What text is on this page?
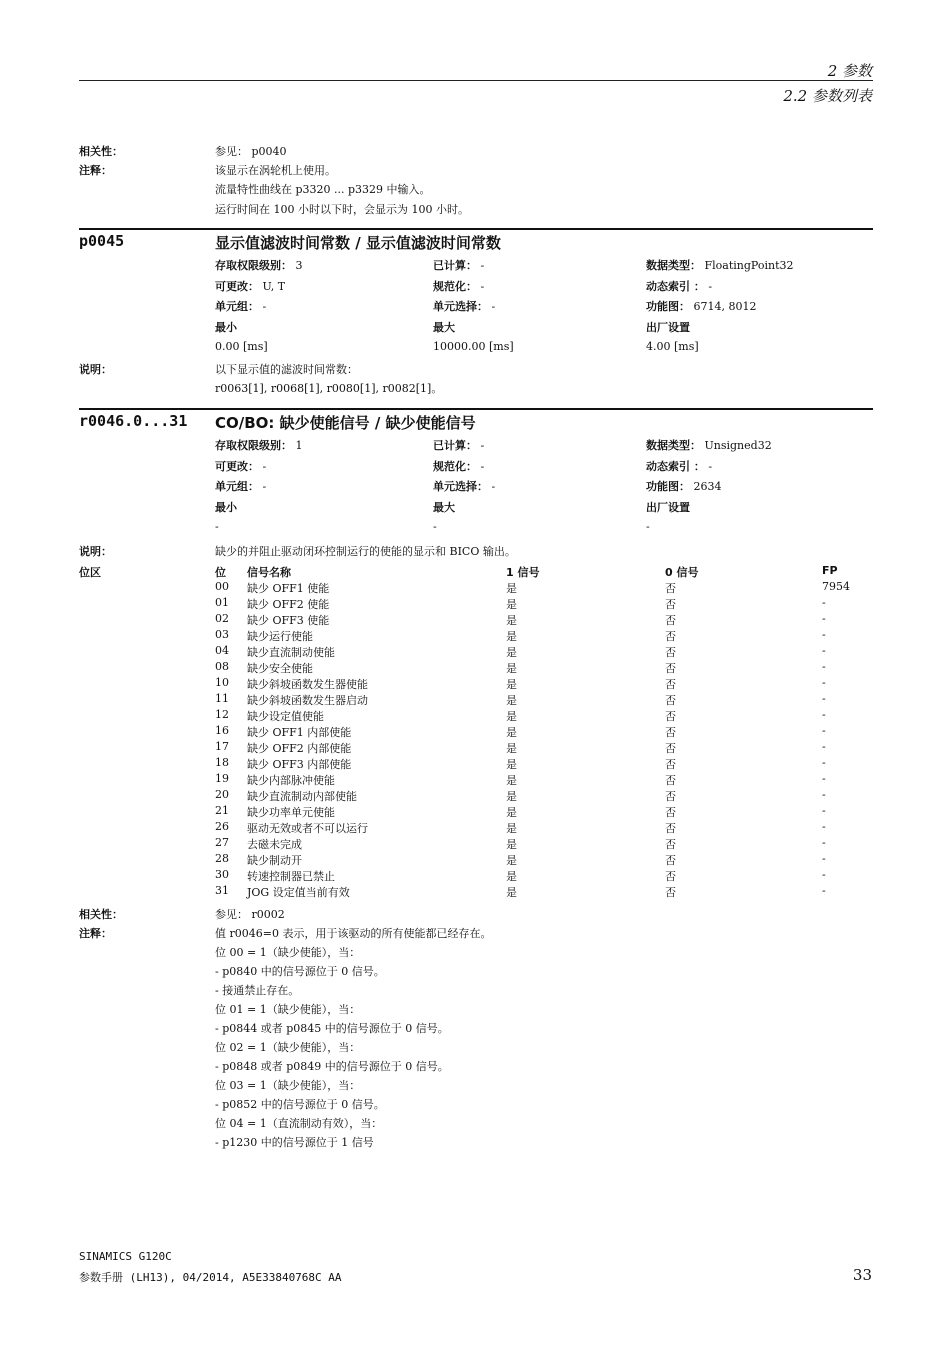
2 参数
2.2 参数列表
相关性：	参见： p0040
注释：	该显示在涡轮机上使用。
流量特性曲线在 p3320 ... p3329 中输入。
运行时间在 100 小时以下时，会显示为 100 小时。
p0045	显示值滤波时间常数 / 显示值滤波时间常数
存取权限级别： 3	已计算： -	数据类型： FloatingPoint32
可更改： U, T	规范化： -	动态索引 ： -
单元组： -	单元选择： -	功能图： 6714, 8012
最小	最大	出厂设置
0.00 [ms]	10000.00 [ms]	4.00 [ms]
说明：	以下显示值的滤波时间常数：
r0063[1], r0068[1], r0080[1], r0082[1]。
r0046.0...31 CO/BO: 缺少使能信号 / 缺少使能信号
存取权限级别： 1	已计算： -	数据类型： Unsigned32
可更改： -	规范化： -	动态索引 ： -
单元组： -	单元选择： -	功能图： 2634
最小	最大	出厂设置
-	-	-
说明：	缺少的并阻止驱动闭环控制运行的使能的显示和 BICO 输出。
位区	位 信号名称	1 信号	0 信号	FP
00 缺少 OFF1 使能	是	否	7954
01 缺少 OFF2 使能	是	否	-
02 缺少 OFF3 使能	是	否	-
03 缺少运行使能	是	否	-
04 缺少直流制动使能	是	否	-
08 缺少安全使能	是	否	-
10 缺少斜坡函数发生器使能	是	否	-
11 缺少斜坡函数发生器启动	是	否	-
12 缺少设定值使能	是	否	-
16 缺少 OFF1 内部使能	是	否	-
17 缺少 OFF2 内部使能	是	否	-
18 缺少 OFF3 内部使能	是	否	-
19 缺少内部脉冲使能	是	否	-
20 缺少直流制动内部使能	是	否	-
21 缺少功率单元使能	是	否	-
26 驱动无效或者不可以运行	是	否	-
27 去磁未完成	是	否	-
28 缺少制动开	是	否	-
30 转速控制器已禁止	是	否	-
31 JOG 设定值当前有效	是	否	-
相关性：	参见： r0002
注释：	值 r0046=0 表示，用于该驱动的所有使能都已经存在。
位 00 = 1（缺少使能），当：
- p0840 中的信号源位于 0 信号。
- 接通禁止存在。
位 01 = 1（缺少使能），当：
- p0844 或者 p0845 中的信号源位于 0 信号。
位 02 = 1（缺少使能），当：
- p0848 或者 p0849 中的信号源位于 0 信号。
位 03 = 1（缺少使能），当：
- p0852 中的信号源位于 0 信号。
位 04 = 1（直流制动有效），当：
- p1230 中的信号源位于 1 信号
SINAMICS G120C
参数手册 (LH13), 04/2014, A5E33840768C AA	33
